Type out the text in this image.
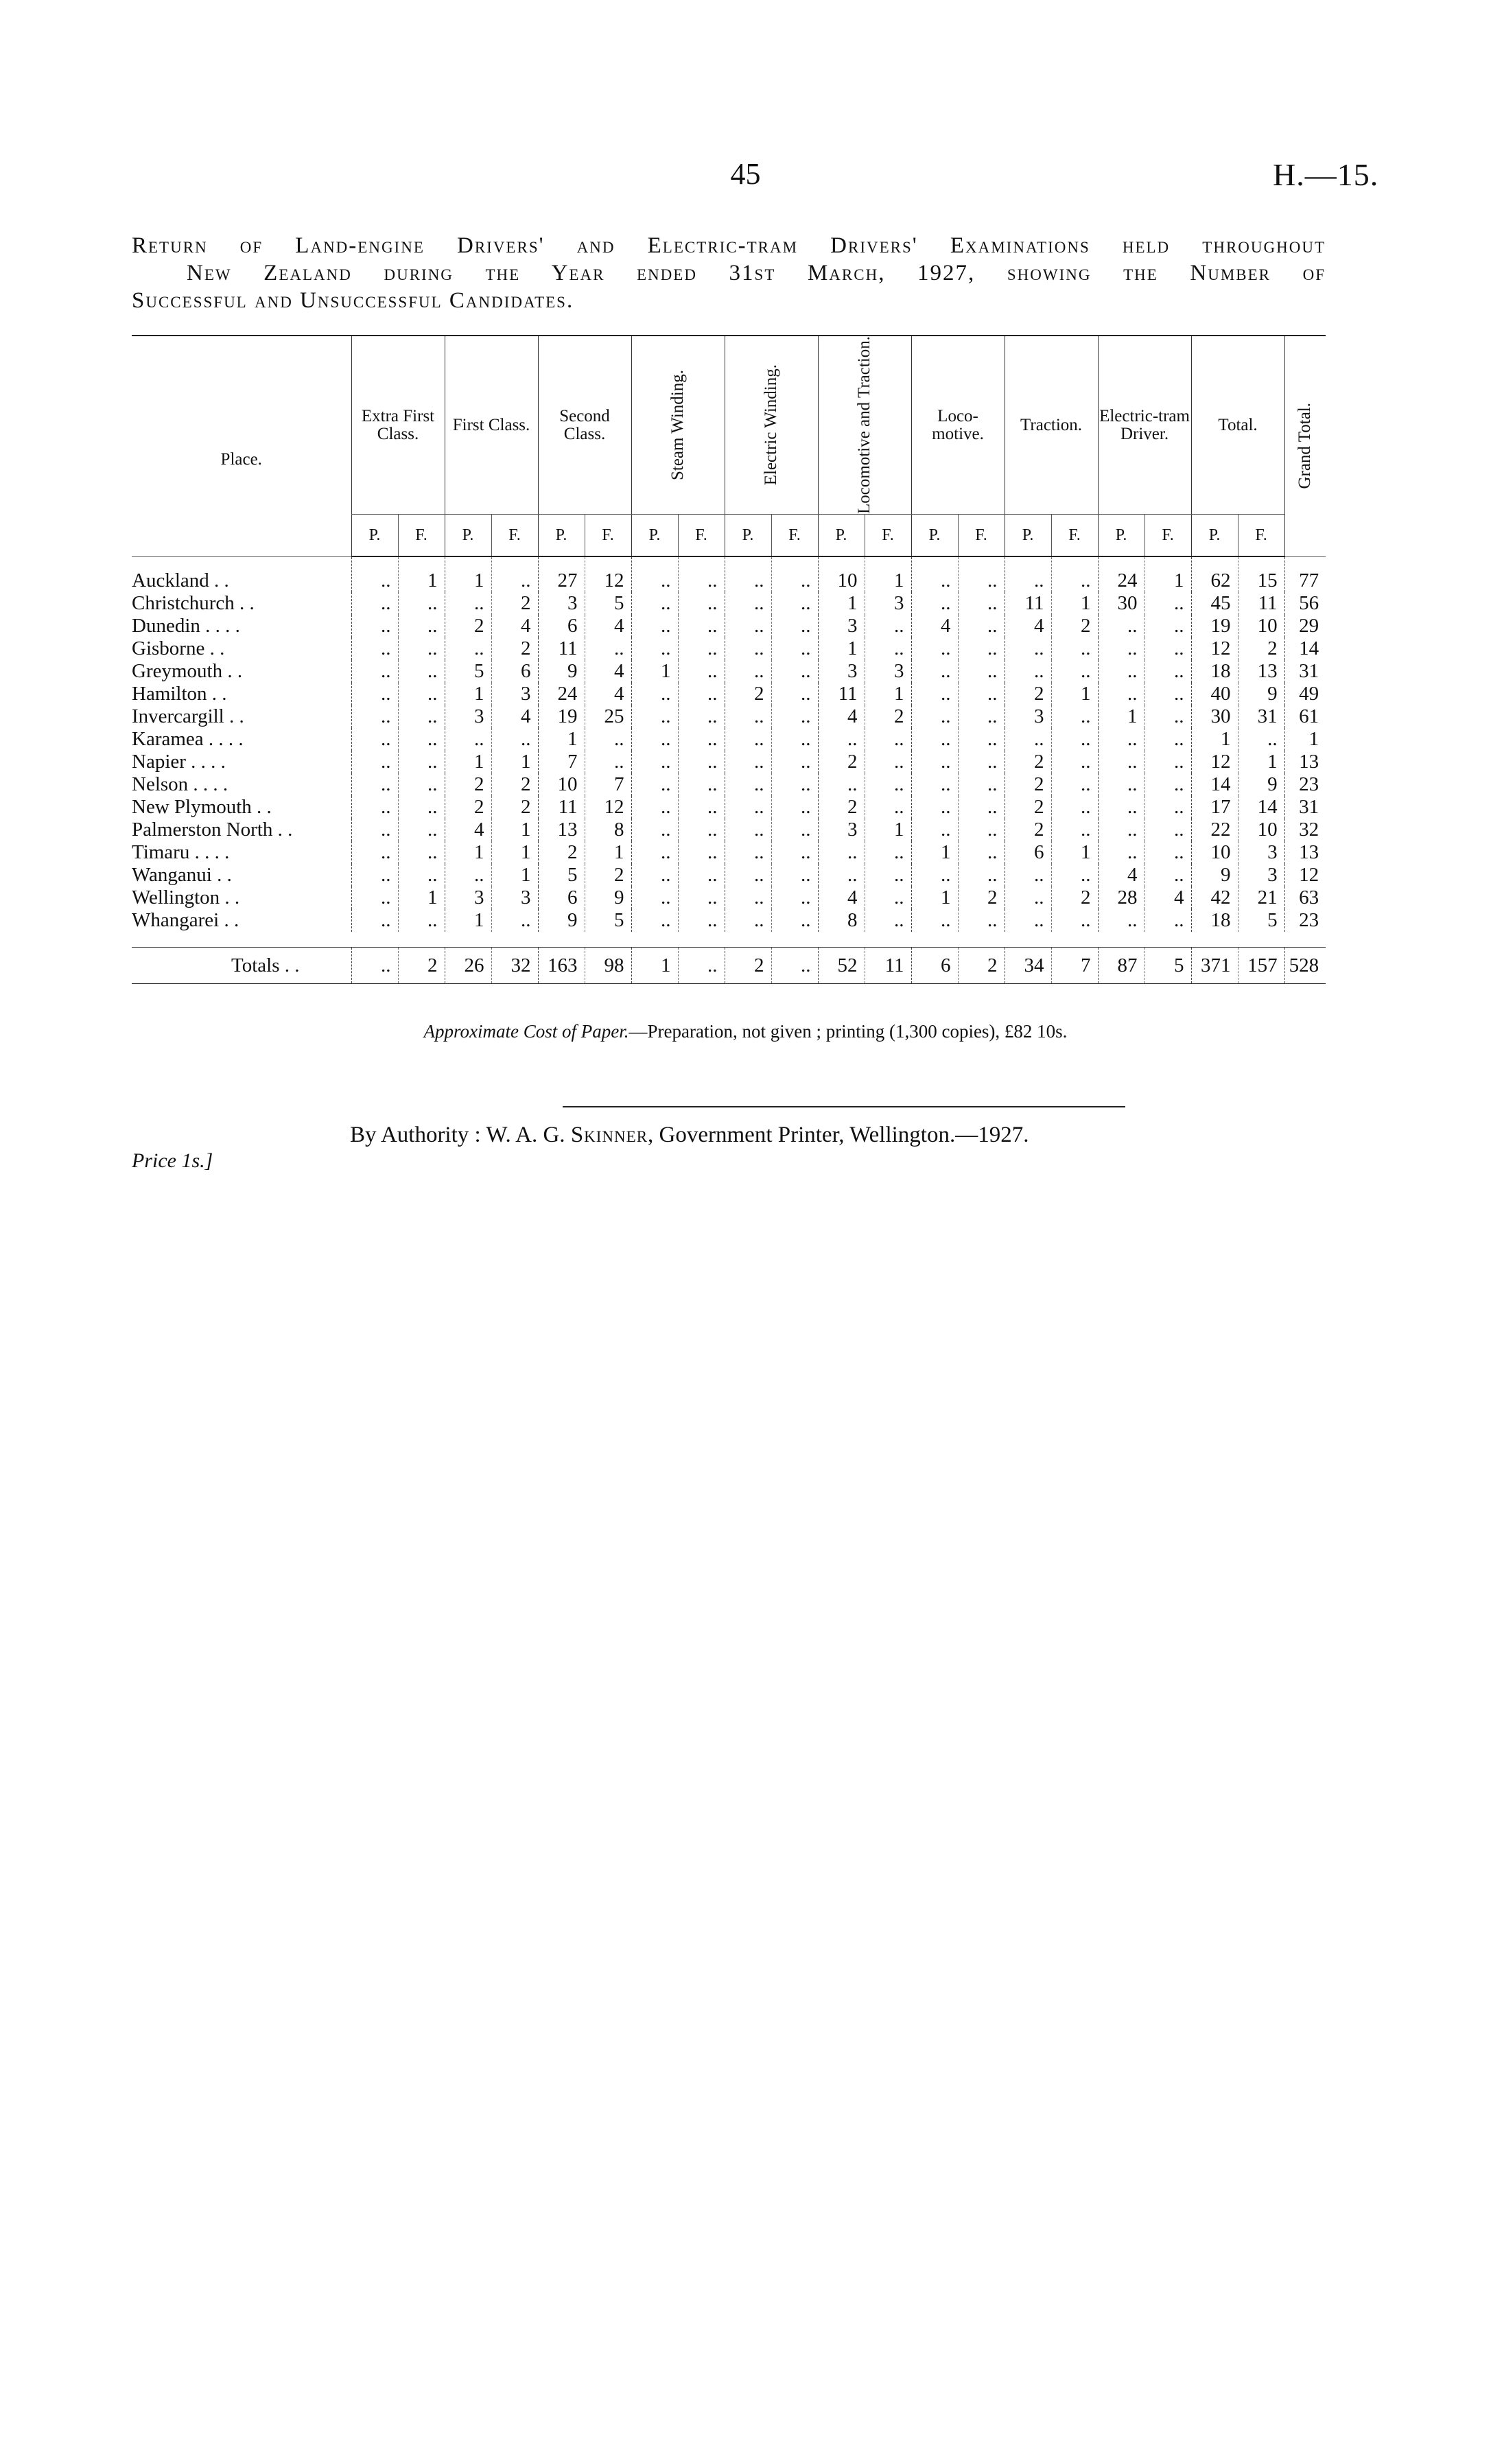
45	H.—15.
Return of Land-engine Drivers' and Electric-tram Drivers' Examinations held throughout
New Zealand during the Year ended 31st March, 1927, showing the Number of
Successful and Unsuccessful Candidates.
Place.	Extra First Class.		First Class.		Second Class.		Steam Winding.		Electric Winding.		Locomotive and Traction.		Loco-motive.		Traction.		Electric-tram Driver.		Total.		Grand Total.

	P.	F.	P.	F.	P.	F.	P.	F.	P.	F.	P.	F.	P.	F.	P.	F.	P.	F.	P.	F.	
Auckland . .	..	1	1	..	27	12	..	..	..	..	10	1	..	..	..	..	24	1	62	15	77
Christchurch . .	..	..	..	2	3	5	..	..	..	..	1	3	..	..	11	1	30	..	45	11	56
Dunedin . . . .	..	..	2	4	6	4	..	..	..	..	3	..	4	..	4	2	..	..	19	10	29
Gisborne . .	..	..	..	2	11	..	..	..	..	..	1	..	..	..	..	..	..	..	12	2	14
Greymouth . .	..	..	5	6	9	4	1	..	..	..	3	3	..	..	..	..	..	..	18	13	31
Hamilton . .	..	..	1	3	24	4	..	..	2	..	11	1	..	..	2	1	..	..	40	9	49
Invercargill . .	..	..	3	4	19	25	..	..	..	..	4	2	..	..	3	..	1	..	30	31	61
Karamea . . . .	..	..	..	..	1	..	..	..	..	..	..	..	..	..	..	..	..	..	1	..	1
Napier . . . .	..	..	1	1	7	..	..	..	..	..	2	..	..	..	2	..	..	..	12	1	13
Nelson . . . .	..	..	2	2	10	7	..	..	..	..	..	..	..	..	2	..	..	..	14	9	23
New Plymouth . .	..	..	2	2	11	12	..	..	..	..	2	..	..	..	2	..	..	..	17	14	31
Palmerston North . .	..	..	4	1	13	8	..	..	..	..	3	1	..	..	2	..	..	..	22	10	32
Timaru . . . .	..	..	1	1	2	1	..	..	..	..	..	..	1	..	6	1	..	..	10	3	13
Wanganui . .	..	..	..	1	5	2	..	..	..	..	..	..	..	..	..	..	4	..	9	3	12
Wellington . .	..	1	3	3	6	9	..	..	..	..	4	..	1	2	..	2	28	4	42	21	63
Whangarei . .	..	..	1	..	9	5	..	..	..	..	8	..	..	..	..	..	..	..	18	5	23

Totals . .	..	2	26	32	163	98	1	..	2	..	52	11	6	2	34	7	87	5	371	157	528
Approximate Cost of Paper.—Preparation, not given ; printing (1,300 copies), £82 10s.
By Authority : W. A. G. Skinner, Government Printer, Wellington.—1927.
Price 1s.]
